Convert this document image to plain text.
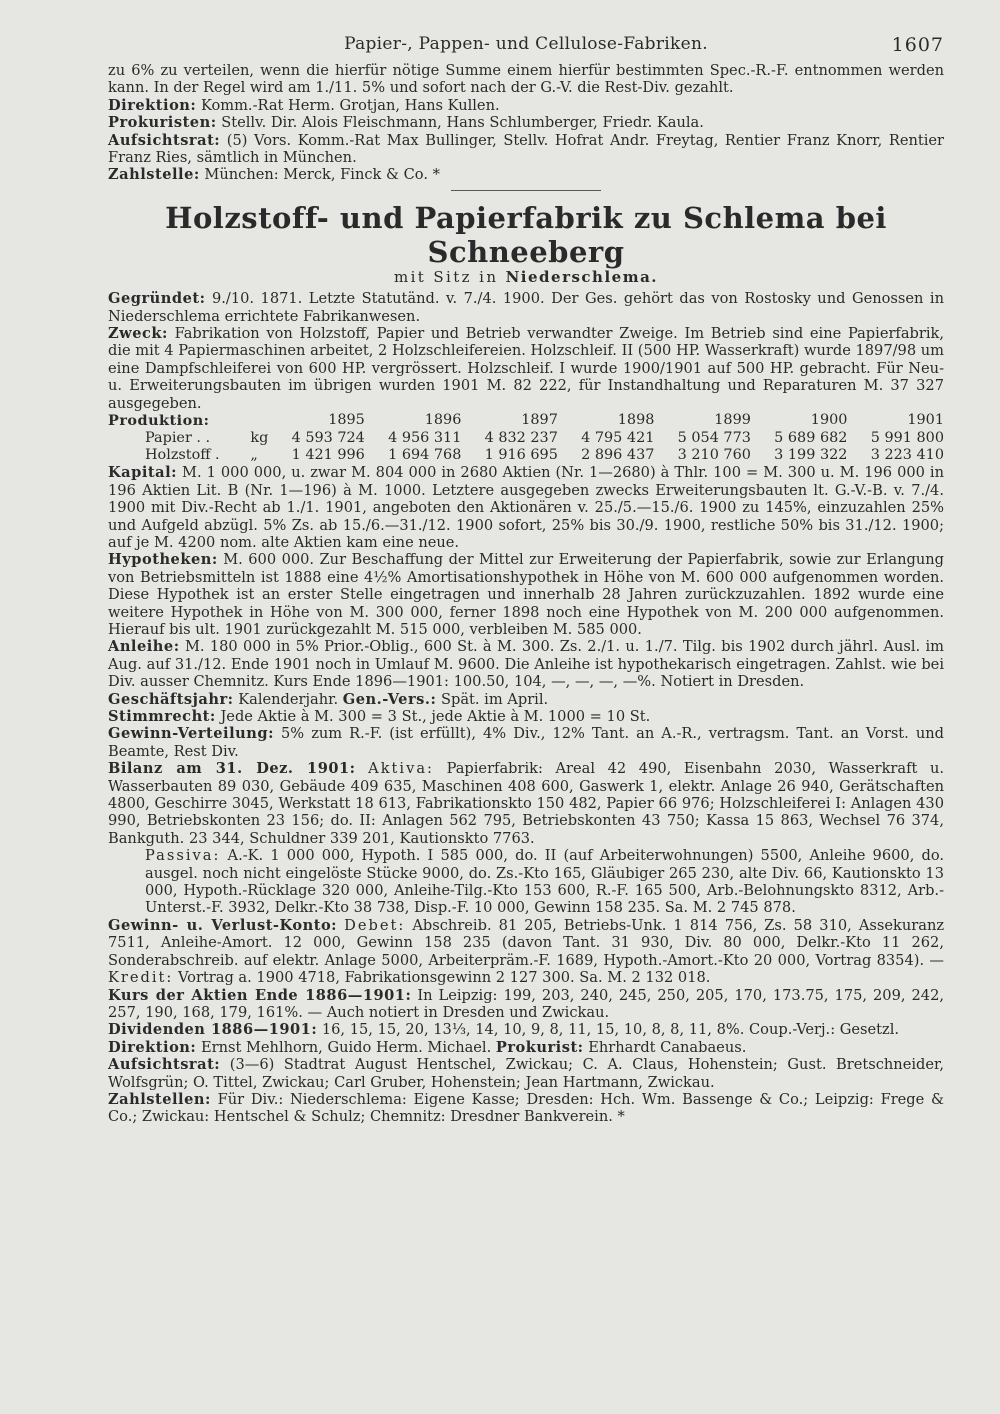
Papier-, Pappen- und Cellulose-Fabriken.	1607

zu 6% zu verteilen, wenn die hierfür nötige Summe einem hierfür bestimmten Spec.-R.-F. entnommen werden kann. In der Regel wird am 1./11. 5% und sofort nach der G.-V. die Rest-Div. gezahlt.

Direktion: Komm.-Rat Herm. Grotjan, Hans Kullen.

Prokuristen: Stellv. Dir. Alois Fleischmann, Hans Schlumberger, Friedr. Kaula.

Aufsichtsrat: (5) Vors. Komm.-Rat Max Bullinger, Stellv. Hofrat Andr. Freytag, Rentier Franz Knorr, Rentier Franz Ries, sämtlich in München.

Zahlstelle: München: Merck, Finck & Co. *

Holzstoff- und Papierfabrik zu Schlema bei Schneeberg
mit Sitz in Niederschlema.

Gegründet: 9./10. 1871. Letzte Statutänd. v. 7./4. 1900. Der Ges. gehört das von Rostosky und Genossen in Niederschlema errichtete Fabrikanwesen.

Zweck: Fabrikation von Holzstoff, Papier und Betrieb verwandter Zweige. Im Betrieb sind eine Papierfabrik, die mit 4 Papiermaschinen arbeitet, 2 Holzschleifereien. Holzschleif. II (500 HP. Wasserkraft) wurde 1897/98 um eine Dampfschleiferei von 600 HP. vergrössert. Holzschleif. I wurde 1900/1901 auf 500 HP. gebracht. Für Neu- u. Erweiterungsbauten im übrigen wurden 1901 M. 82 222, für Instandhaltung und Reparaturen M. 37 327 ausgegeben.

Produktion:		1895	1896	1897	1898	1899	1900	1901
Papier . .	kg	4 593 724	4 956 311	4 832 237	4 795 421	5 054 773	5 689 682	5 991 800
Holzstoff .	„	1 421 996	1 694 768	1 916 695	2 896 437	3 210 760	3 199 322	3 223 410

Kapital: M. 1 000 000, u. zwar M. 804 000 in 2680 Aktien (Nr. 1—2680) à Thlr. 100 = M. 300 u. M. 196 000 in 196 Aktien Lit. B (Nr. 1—196) à M. 1000. Letztere ausgegeben zwecks Erweiterungsbauten lt. G.-V.-B. v. 7./4. 1900 mit Div.-Recht ab 1./1. 1901, angeboten den Aktionären v. 25./5.—15./6. 1900 zu 145%, einzuzahlen 25% und Aufgeld abzügl. 5% Zs. ab 15./6.—31./12. 1900 sofort, 25% bis 30./9. 1900, restliche 50% bis 31./12. 1900; auf je M. 4200 nom. alte Aktien kam eine neue.

Hypotheken: M. 600 000. Zur Beschaffung der Mittel zur Erweiterung der Papierfabrik, sowie zur Erlangung von Betriebsmitteln ist 1888 eine 4½% Amortisationshypothek in Höhe von M. 600 000 aufgenommen worden. Diese Hypothek ist an erster Stelle eingetragen und innerhalb 28 Jahren zurückzuzahlen. 1892 wurde eine weitere Hypothek in Höhe von M. 300 000, ferner 1898 noch eine Hypothek von M. 200 000 aufgenommen. Hierauf bis ult. 1901 zurückgezahlt M. 515 000, verbleiben M. 585 000.

Anleihe: M. 180 000 in 5% Prior.-Oblig., 600 St. à M. 300. Zs. 2./1. u. 1./7. Tilg. bis 1902 durch jährl. Ausl. im Aug. auf 31./12. Ende 1901 noch in Umlauf M. 9600. Die Anleihe ist hypothekarisch eingetragen. Zahlst. wie bei Div. ausser Chemnitz. Kurs Ende 1896—1901: 100.50, 104, —, —, —, —%. Notiert in Dresden.

Geschäftsjahr: Kalenderjahr. Gen.-Vers.: Spät. im April.

Stimmrecht: Jede Aktie à M. 300 = 3 St., jede Aktie à M. 1000 = 10 St.

Gewinn-Verteilung: 5% zum R.-F. (ist erfüllt), 4% Div., 12% Tant. an A.-R., vertragsm. Tant. an Vorst. und Beamte, Rest Div.

Bilanz am 31. Dez. 1901: Aktiva: Papierfabrik: Areal 42 490, Eisenbahn 2030, Wasserkraft u. Wasserbauten 89 030, Gebäude 409 635, Maschinen 408 600, Gaswerk 1, elektr. Anlage 26 940, Gerätschaften 4800, Geschirre 3045, Werkstatt 18 613, Fabrikationskto 150 482, Papier 66 976; Holzschleiferei I: Anlagen 430 990, Betriebskonten 23 156; do. II: Anlagen 562 795, Betriebskonten 43 750; Kassa 15 863, Wechsel 76 374, Bankguth. 23 344, Schuldner 339 201, Kautionskto 7763.

Passiva: A.-K. 1 000 000, Hypoth. I 585 000, do. II (auf Arbeiterwohnungen) 5500, Anleihe 9600, do. ausgel. noch nicht eingelöste Stücke 9000, do. Zs.-Kto 165, Gläubiger 265 230, alte Div. 66, Kautionskto 13 000, Hypoth.-Rücklage 320 000, Anleihe-Tilg.-Kto 153 600, R.-F. 165 500, Arb.-Belohnungskto 8312, Arb.-Unterst.-F. 3932, Delkr.-Kto 38 738, Disp.-F. 10 000, Gewinn 158 235. Sa. M. 2 745 878.

Gewinn- u. Verlust-Konto: Debet: Abschreib. 81 205, Betriebs-Unk. 1 814 756, Zs. 58 310, Assekuranz 7511, Anleihe-Amort. 12 000, Gewinn 158 235 (davon Tant. 31 930, Div. 80 000, Delkr.-Kto 11 262, Sonderabschreib. auf elektr. Anlage 5000, Arbeiterpräm.-F. 1689, Hypoth.-Amort.-Kto 20 000, Vortrag 8354). — Kredit: Vortrag a. 1900 4718, Fabrikationsgewinn 2 127 300. Sa. M. 2 132 018.

Kurs der Aktien Ende 1886—1901: In Leipzig: 199, 203, 240, 245, 250, 205, 170, 173.75, 175, 209, 242, 257, 190, 168, 179, 161%. — Auch notiert in Dresden und Zwickau.

Dividenden 1886—1901: 16, 15, 15, 20, 13⅓, 14, 10, 9, 8, 11, 15, 10, 8, 8, 11, 8%. Coup.-Verj.: Gesetzl.

Direktion: Ernst Mehlhorn, Guido Herm. Michael. Prokurist: Ehrhardt Canabaeus.

Aufsichtsrat: (3—6) Stadtrat August Hentschel, Zwickau; C. A. Claus, Hohenstein; Gust. Bretschneider, Wolfsgrün; O. Tittel, Zwickau; Carl Gruber, Hohenstein; Jean Hartmann, Zwickau.

Zahlstellen: Für Div.: Niederschlema: Eigene Kasse; Dresden: Hch. Wm. Bassenge & Co.; Leipzig: Frege & Co.; Zwickau: Hentschel & Schulz; Chemnitz: Dresdner Bankverein. *
